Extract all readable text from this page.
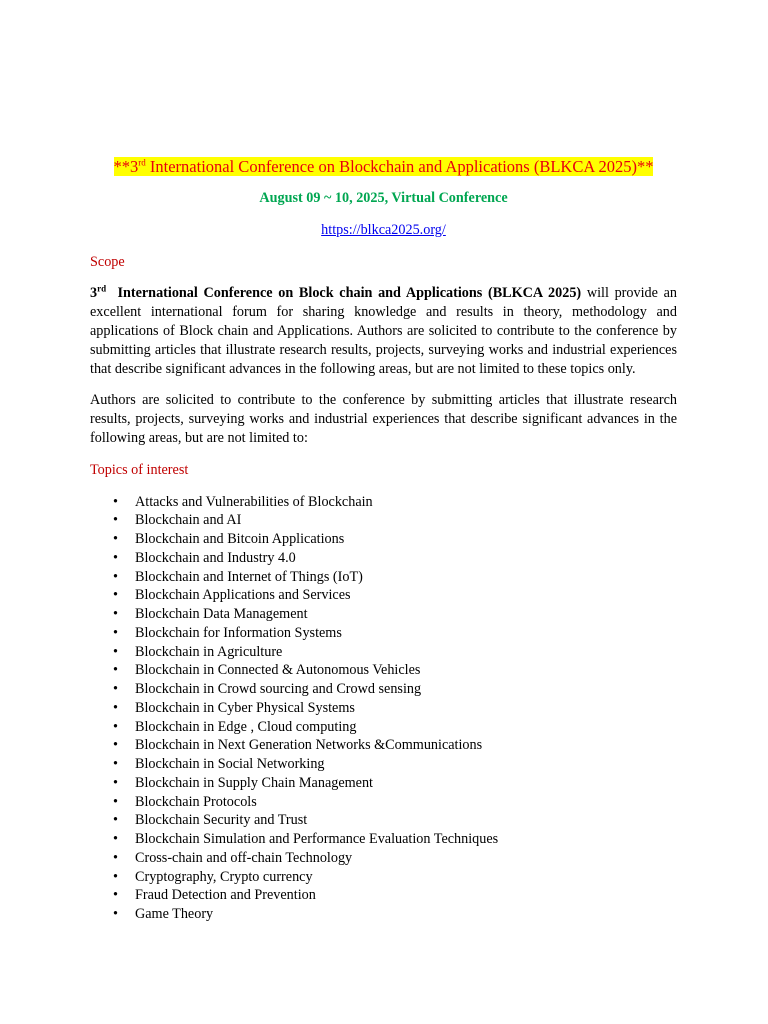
**3rd International Conference on Blockchain and Applications (BLKCA 2025)**
August 09 ~ 10, 2025, Virtual Conference
https://blkca2025.org/
Scope
3rd  International Conference on Block chain and Applications (BLKCA 2025) will provide an excellent international forum for sharing knowledge and results in theory, methodology and applications of Block chain and Applications. Authors are solicited to contribute to the conference by submitting articles that illustrate research results, projects, surveying works and industrial experiences that describe significant advances in the following areas, but are not limited to these topics only.
Authors are solicited to contribute to the conference by submitting articles that illustrate research results, projects, surveying works and industrial experiences that describe significant advances in the following areas, but are not limited to:
Topics of interest
• Attacks and Vulnerabilities of Blockchain
• Blockchain and AI
• Blockchain and Bitcoin Applications
• Blockchain and Industry 4.0
• Blockchain and Internet of Things (IoT)
• Blockchain Applications and Services
• Blockchain Data Management
• Blockchain for Information Systems
• Blockchain in Agriculture
• Blockchain in Connected & Autonomous Vehicles
• Blockchain in Crowd sourcing and Crowd sensing
• Blockchain in Cyber Physical Systems
• Blockchain in Edge , Cloud computing
• Blockchain in Next Generation Networks &Communications
• Blockchain in Social Networking
• Blockchain in Supply Chain Management
• Blockchain Protocols
• Blockchain Security and Trust
• Blockchain Simulation and Performance Evaluation Techniques
• Cross-chain and off-chain Technology
• Cryptography, Crypto currency
• Fraud Detection and Prevention
• Game Theory
